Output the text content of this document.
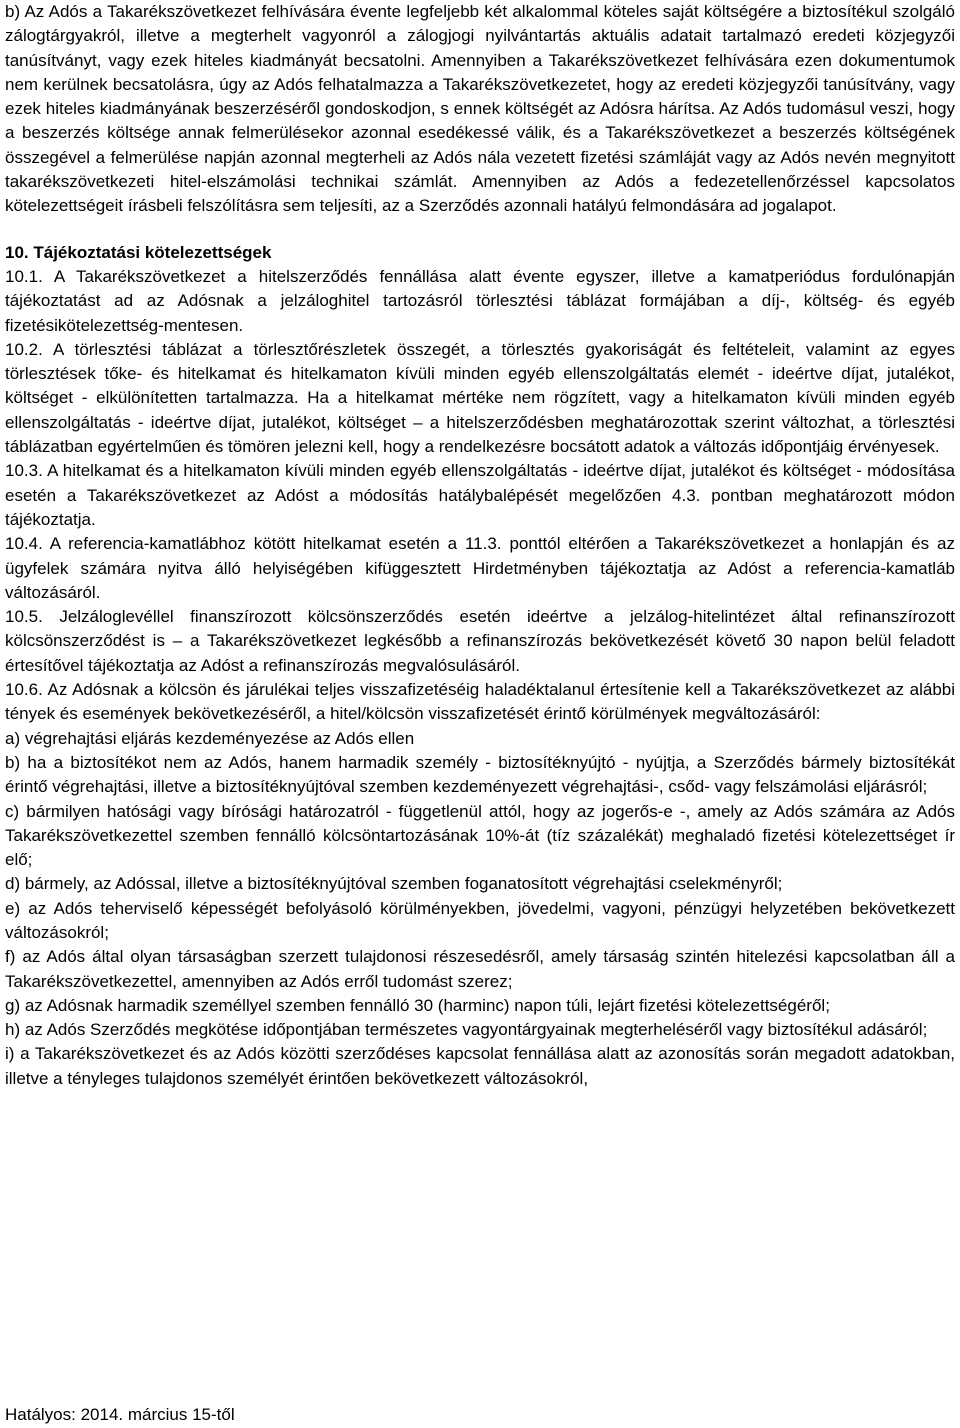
b) Az Adós a Takarékszövetkezet felhívására évente legfeljebb két alkalommal köteles saját költségére a biztosítékul szolgáló zálogtárgyakról, illetve a megterhelt vagyonról a zálogjogi nyilvántartás aktuális adatait tartalmazó eredeti közjegyzői tanúsítványt, vagy ezek hiteles kiadmányát becsatolni. Amennyiben a Takarékszövetkezet felhívására ezen dokumentumok nem kerülnek becsatolásra, úgy az Adós felhatalmazza a Takarékszövetkezetet, hogy az eredeti közjegyzői tanúsítvány, vagy ezek hiteles kiadmányának beszerzéséről gondoskodjon, s ennek költségét az Adósra hárítsa. Az Adós tudomásul veszi, hogy a beszerzés költsége annak felmerülésekor azonnal esedékessé válik, és a Takarékszövetkezet a beszerzés költségének összegével a felmerülése napján azonnal megterheli az Adós nála vezetett fizetési számláját vagy az Adós nevén megnyitott takarékszövetkezeti hitel-elszámolási technikai számlát. Amennyiben az Adós a fedezetellenőrzéssel kapcsolatos kötelezettségeit írásbeli felszólításra sem teljesíti, az a Szerződés azonnali hatályú felmondására ad jogalapot.

10. Tájékoztatási kötelezettségek

10.1. A Takarékszövetkezet a hitelszerződés fennállása alatt évente egyszer, illetve a kamatperiódus fordulónapján tájékoztatást ad az Adósnak a jelzáloghitel tartozásról törlesztési táblázat formájában a díj-, költség- és egyéb fizetésikötelezettség-mentesen.

10.2. A törlesztési táblázat a törlesztőrészletek összegét, a törlesztés gyakoriságát és feltételeit, valamint az egyes törlesztések tőke- és hitelkamat és hitelkamaton kívüli minden egyéb ellenszolgáltatás elemét - ideértve díjat, jutalékot, költséget - elkülönítetten tartalmazza. Ha a hitelkamat mértéke nem rögzített, vagy a hitelkamaton kívüli minden egyéb ellenszolgáltatás - ideértve díjat, jutalékot, költséget – a hitelszerződésben meghatározottak szerint változhat, a törlesztési táblázatban egyértelműen és tömören jelezni kell, hogy a rendelkezésre bocsátott adatok a változás időpontjáig érvényesek.

10.3. A hitelkamat és a hitelkamaton kívüli minden egyéb ellenszolgáltatás - ideértve díjat, jutalékot és költséget - módosítása esetén a Takarékszövetkezet az Adóst a módosítás hatálybalépését megelőzően 4.3. pontban meghatározott módon tájékoztatja.

10.4. A referencia-kamatlábhoz kötött hitelkamat esetén a 11.3. ponttól eltérően a Takarékszövetkezet a honlapján és az ügyfelek számára nyitva álló helyiségében kifüggesztett Hirdetményben tájékoztatja az Adóst a referencia-kamatláb változásáról.

10.5. Jelzáloglevéllel finanszírozott kölcsönszerződés esetén ideértve a jelzálog-hitelintézet által refinanszírozott kölcsönszerződést is – a Takarékszövetkezet legkésőbb a refinanszírozás bekövetkezését követő 30 napon belül feladott értesítővel tájékoztatja az Adóst a refinanszírozás megvalósulásáról.

10.6. Az Adósnak a kölcsön és járulékai teljes visszafizetéséig haladéktalanul értesítenie kell a Takarékszövetkezet az alábbi tények és események bekövetkezéséről, a hitel/kölcsön visszafizetését érintő körülmények megváltozásáról:

a) végrehajtási eljárás kezdeményezése az Adós ellen

b) ha a biztosítékot nem az Adós, hanem harmadik személy - biztosítéknyújtó - nyújtja, a Szerződés bármely biztosítékát érintő végrehajtási, illetve a biztosítéknyújtóval szemben kezdeményezett végrehajtási-, csőd- vagy felszámolási eljárásról;

c) bármilyen hatósági vagy bírósági határozatról - függetlenül attól, hogy az jogerős-e -, amely az Adós számára az Adós Takarékszövetkezettel szemben fennálló kölcsöntartozásának 10%-át (tíz százalékát) meghaladó fizetési kötelezettséget ír elő;

d) bármely, az Adóssal, illetve a biztosítéknyújtóval szemben foganatosított végrehajtási cselekményről;

e) az Adós teherviselő képességét befolyásoló körülményekben, jövedelmi, vagyoni, pénzügyi helyzetében bekövetkezett változásokról;

f) az Adós által olyan társaságban szerzett tulajdonosi részesedésről, amely társaság szintén hitelezési kapcsolatban áll a Takarékszövetkezettel, amennyiben az Adós erről tudomást szerez;

g) az Adósnak harmadik személlyel szemben fennálló 30 (harminc) napon túli, lejárt fizetési kötelezettségéről;

h) az Adós Szerződés megkötése időpontjában természetes vagyontárgyainak megterheléséről vagy biztosítékul adásáról;

i) a Takarékszövetkezet és az Adós közötti szerződéses kapcsolat fennállása alatt az azonosítás során megadott adatokban, illetve a tényleges tulajdonos személyét érintően bekövetkezett változásokról,

Hatályos: 2014. március 15-től
